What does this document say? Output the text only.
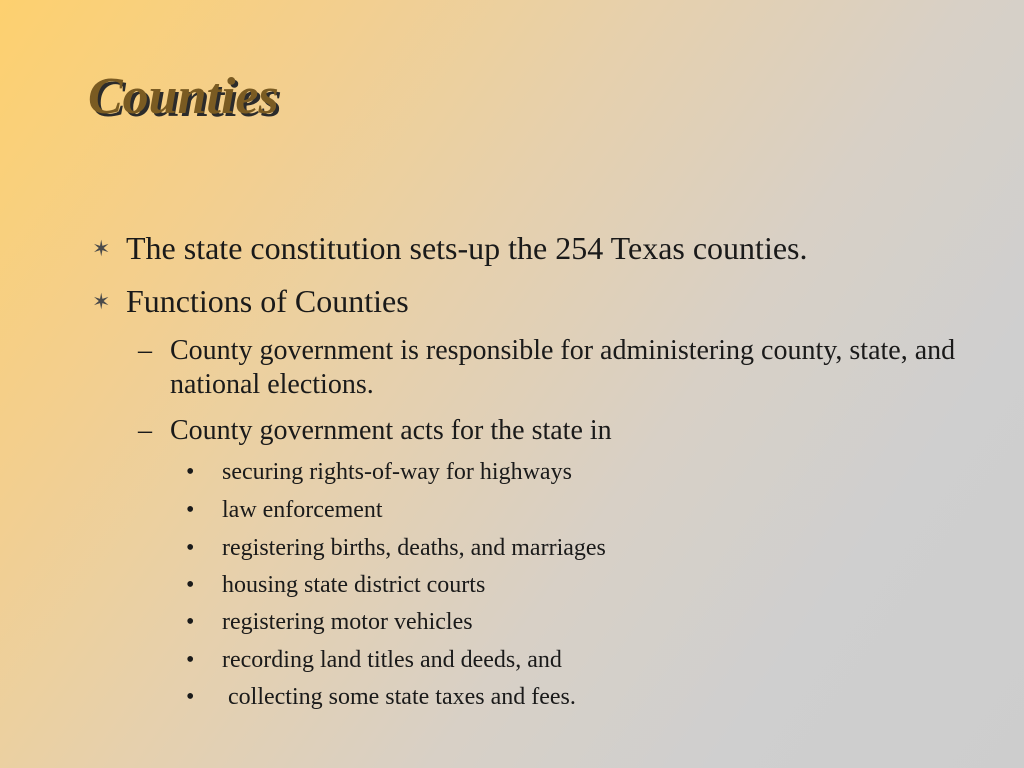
Counties
✶ The state constitution sets-up the 254 Texas counties.
✶ Functions of Counties
– County government is responsible for administering county, state, and national elections.
– County government acts for the state in
•	securing rights-of-way for highways
•	law enforcement
•	registering births, deaths, and marriages
•	housing state district courts
•	registering motor vehicles
•	recording land titles and deeds, and
•	collecting some state taxes and fees.
